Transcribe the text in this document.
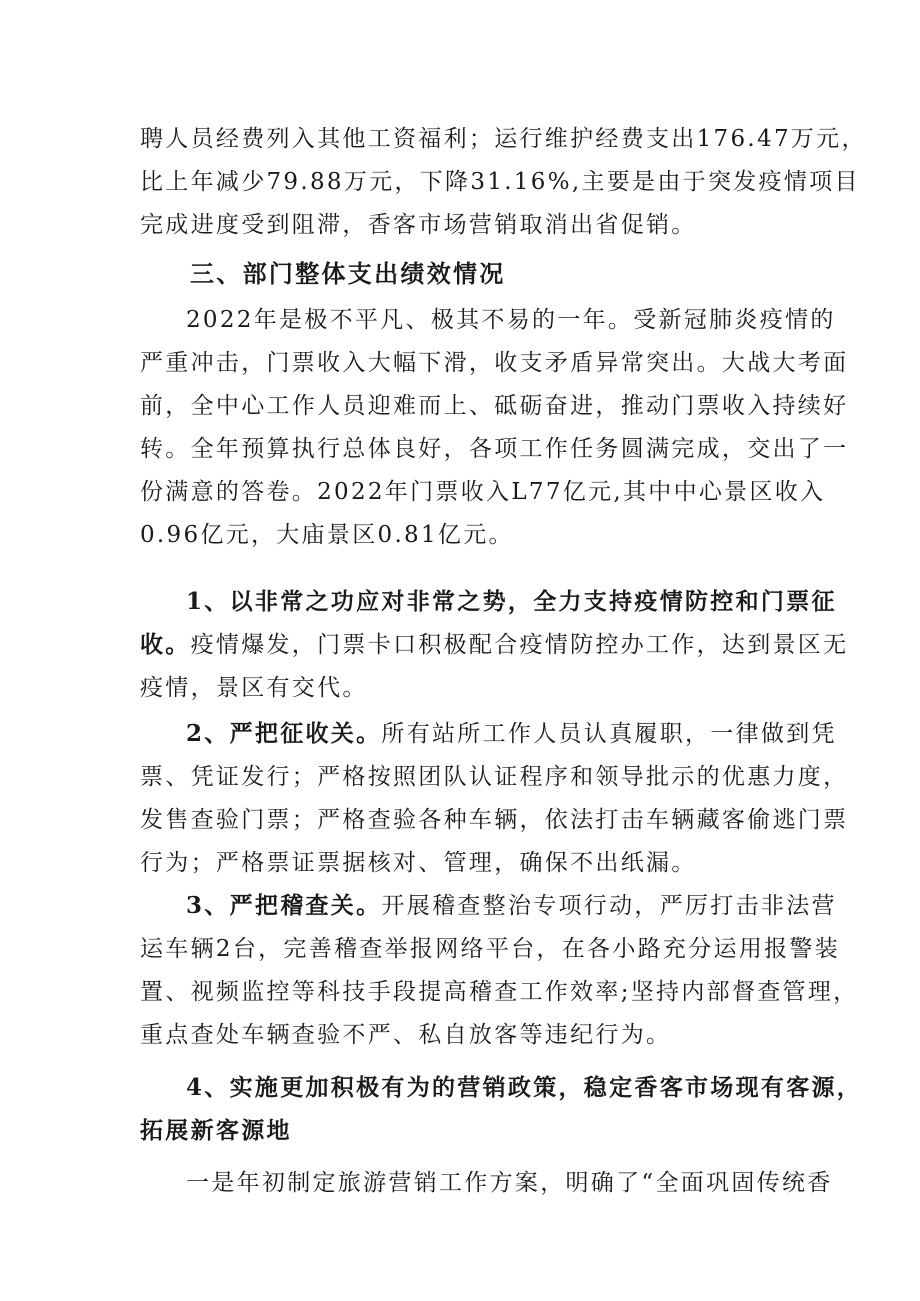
聘人员经费列入其他工资福利；运行维护经费支出176.47万元，
比上年减少79.88万元，下降31.16%,主要是由于突发疫情项目
完成进度受到阻滞，香客市场营销取消出省促销。
三、部门整体支出绩效情况
2022年是极不平凡、极其不易的一年。受新冠肺炎疫情的
严重冲击，门票收入大幅下滑，收支矛盾异常突出。大战大考面
前，全中心工作人员迎难而上、砥砺奋进，推动门票收入持续好
转。全年预算执行总体良好，各项工作任务圆满完成，交出了一
份满意的答卷。2022年门票收入L77亿元,其中中心景区收入
0.96亿元，大庙景区0.81亿元。
1、以非常之功应对非常之势，全力支持疫情防控和门票征
收。疫情爆发，门票卡口积极配合疫情防控办工作，达到景区无
疫情，景区有交代。
2、严把征收关。所有站所工作人员认真履职，一律做到凭
票、凭证发行；严格按照团队认证程序和领导批示的优惠力度，
发售查验门票；严格查验各种车辆，依法打击车辆藏客偷逃门票
行为；严格票证票据核对、管理，确保不出纸漏。
3、严把稽查关。开展稽查整治专项行动，严厉打击非法营
运车辆2台，完善稽查举报网络平台，在各小路充分运用报警装
置、视频监控等科技手段提高稽查工作效率;坚持内部督查管理，
重点查处车辆查验不严、私自放客等违纪行为。
4、实施更加积极有为的营销政策，稳定香客市场现有客源，
拓展新客源地
一是年初制定旅游营销工作方案，明确了“全面巩固传统香
